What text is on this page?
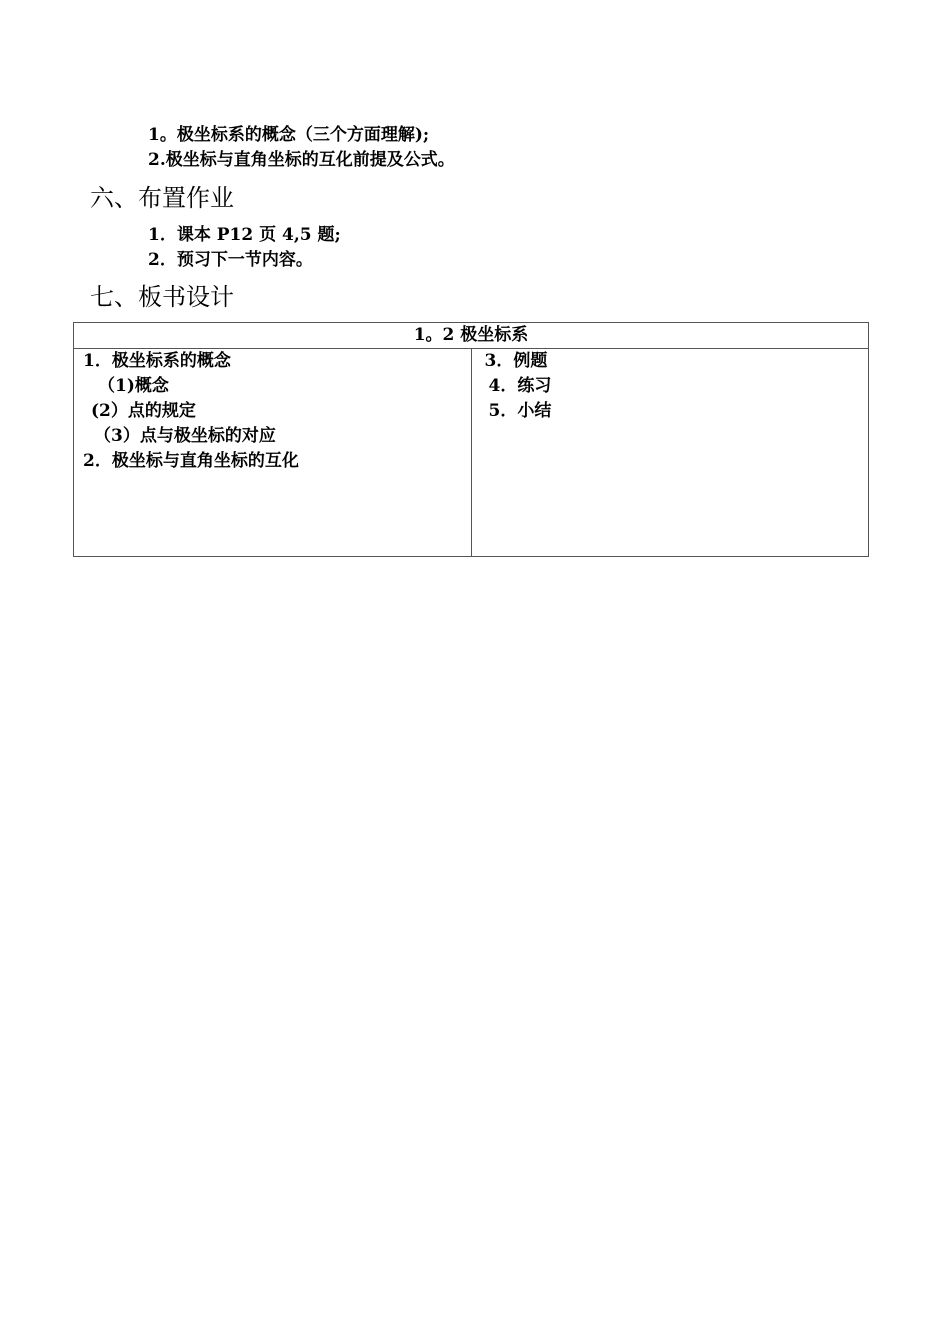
1。极坐标系的概念（三个方面理解);
2.极坐标与直角坐标的互化前提及公式。
六、布置作业
1．课本 P12 页 4,5 题;
2．预习下一节内容。
七、板书设计
1。2 极坐标系

1．极坐标系的概念
（1)概念
(2）点的规定
（3）点与极坐标的对应
2．极坐标与直角坐标的互化

3．例题
4．练习
5．小结
